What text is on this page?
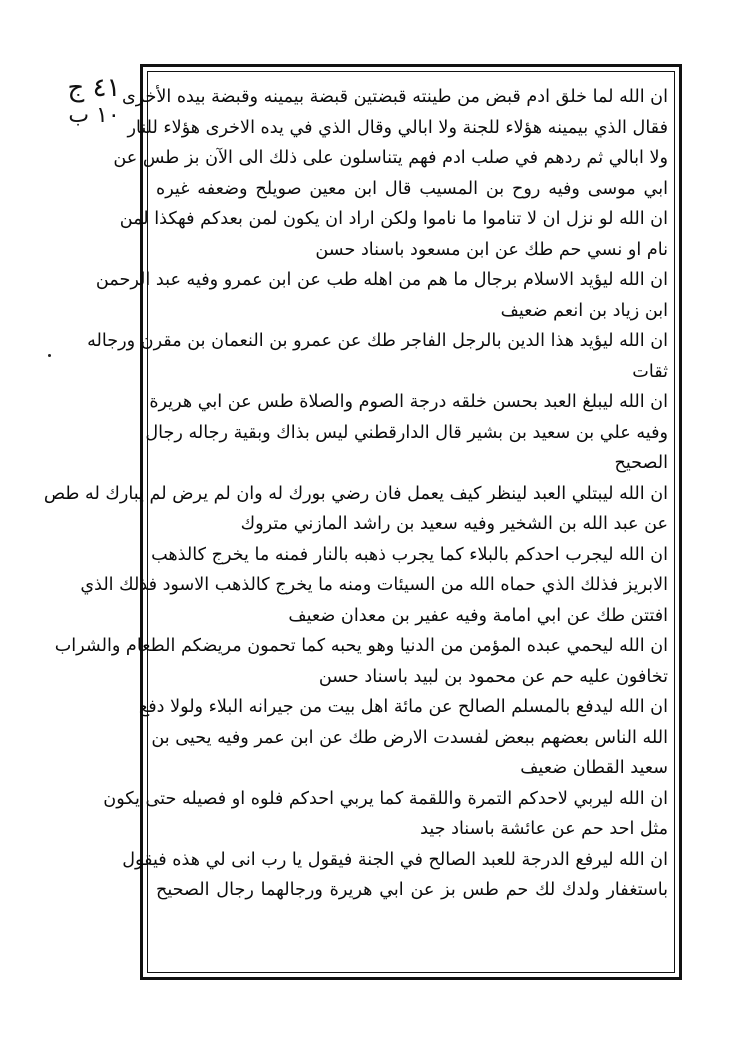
٤١ ج
١٠ ب
ان الله لما خلق ادم قبض من طينته قبضتين قبضة بيمينه وقبضة بيده الأخرى
فقال الذي بيمينه هؤلاء للجنة ولا ابالي وقال الذي في يده الاخرى هؤلاء للنار
ولا ابالي ثم ردهم في صلب ادم فهم يتناسلون على ذلك الى الآن بز طس عن
ابي موسى وفيه روح بن المسيب قال ابن معين صويلح وضعفه غيره
ان الله لو نزل ان لا تناموا ما ناموا ولكن اراد ان يكون لمن بعدكم فهكذا لمن
نام او نسي حم طك عن ابن مسعود باسناد حسن
ان الله ليؤيد الاسلام برجال ما هم من اهله طب عن ابن عمرو وفيه عبد الرحمن
ابن زياد بن انعم ضعيف
ان الله ليؤيد هذا الدين بالرجل الفاجر طك عن عمرو بن النعمان بن مقرن ورجاله
ثقات
ان الله ليبلغ العبد بحسن خلقه درجة الصوم والصلاة طس عن ابي هريرة
وفيه علي بن سعيد بن بشير قال الدارقطني ليس بذاك وبقية رجاله رجال
الصحيح
ان الله ليبتلي العبد لينظر كيف يعمل فان رضي بورك له وان لم يرض لم يبارك له طص
عن عبد الله بن الشخير وفيه سعيد بن راشد المازني متروك
ان الله ليجرب احدكم بالبلاء كما يجرب ذهبه بالنار فمنه ما يخرج كالذهب
الابريز فذلك الذي حماه الله من السيئات ومنه ما يخرج كالذهب الاسود فذلك الذي
افتتن طك عن ابي امامة وفيه عفير بن معدان ضعيف
ان الله ليحمي عبده المؤمن من الدنيا وهو يحبه كما تحمون مريضكم الطعام والشراب
تخافون عليه حم عن محمود بن لبيد باسناد حسن
ان الله ليدفع بالمسلم الصالح عن مائة اهل بيت من جيرانه البلاء ولولا دفع
الله الناس بعضهم ببعض لفسدت الارض طك عن ابن عمر وفيه يحيى بن
سعيد القطان ضعيف
ان الله ليربي لاحدكم التمرة واللقمة كما يربي احدكم فلوه او فصيله حتى يكون
مثل احد حم عن عائشة باسناد جيد
ان الله ليرفع الدرجة للعبد الصالح في الجنة فيقول يا رب انى لي هذه فيقول
باستغفار ولدك لك حم طس بز عن ابي هريرة ورجالهما رجال الصحيح
